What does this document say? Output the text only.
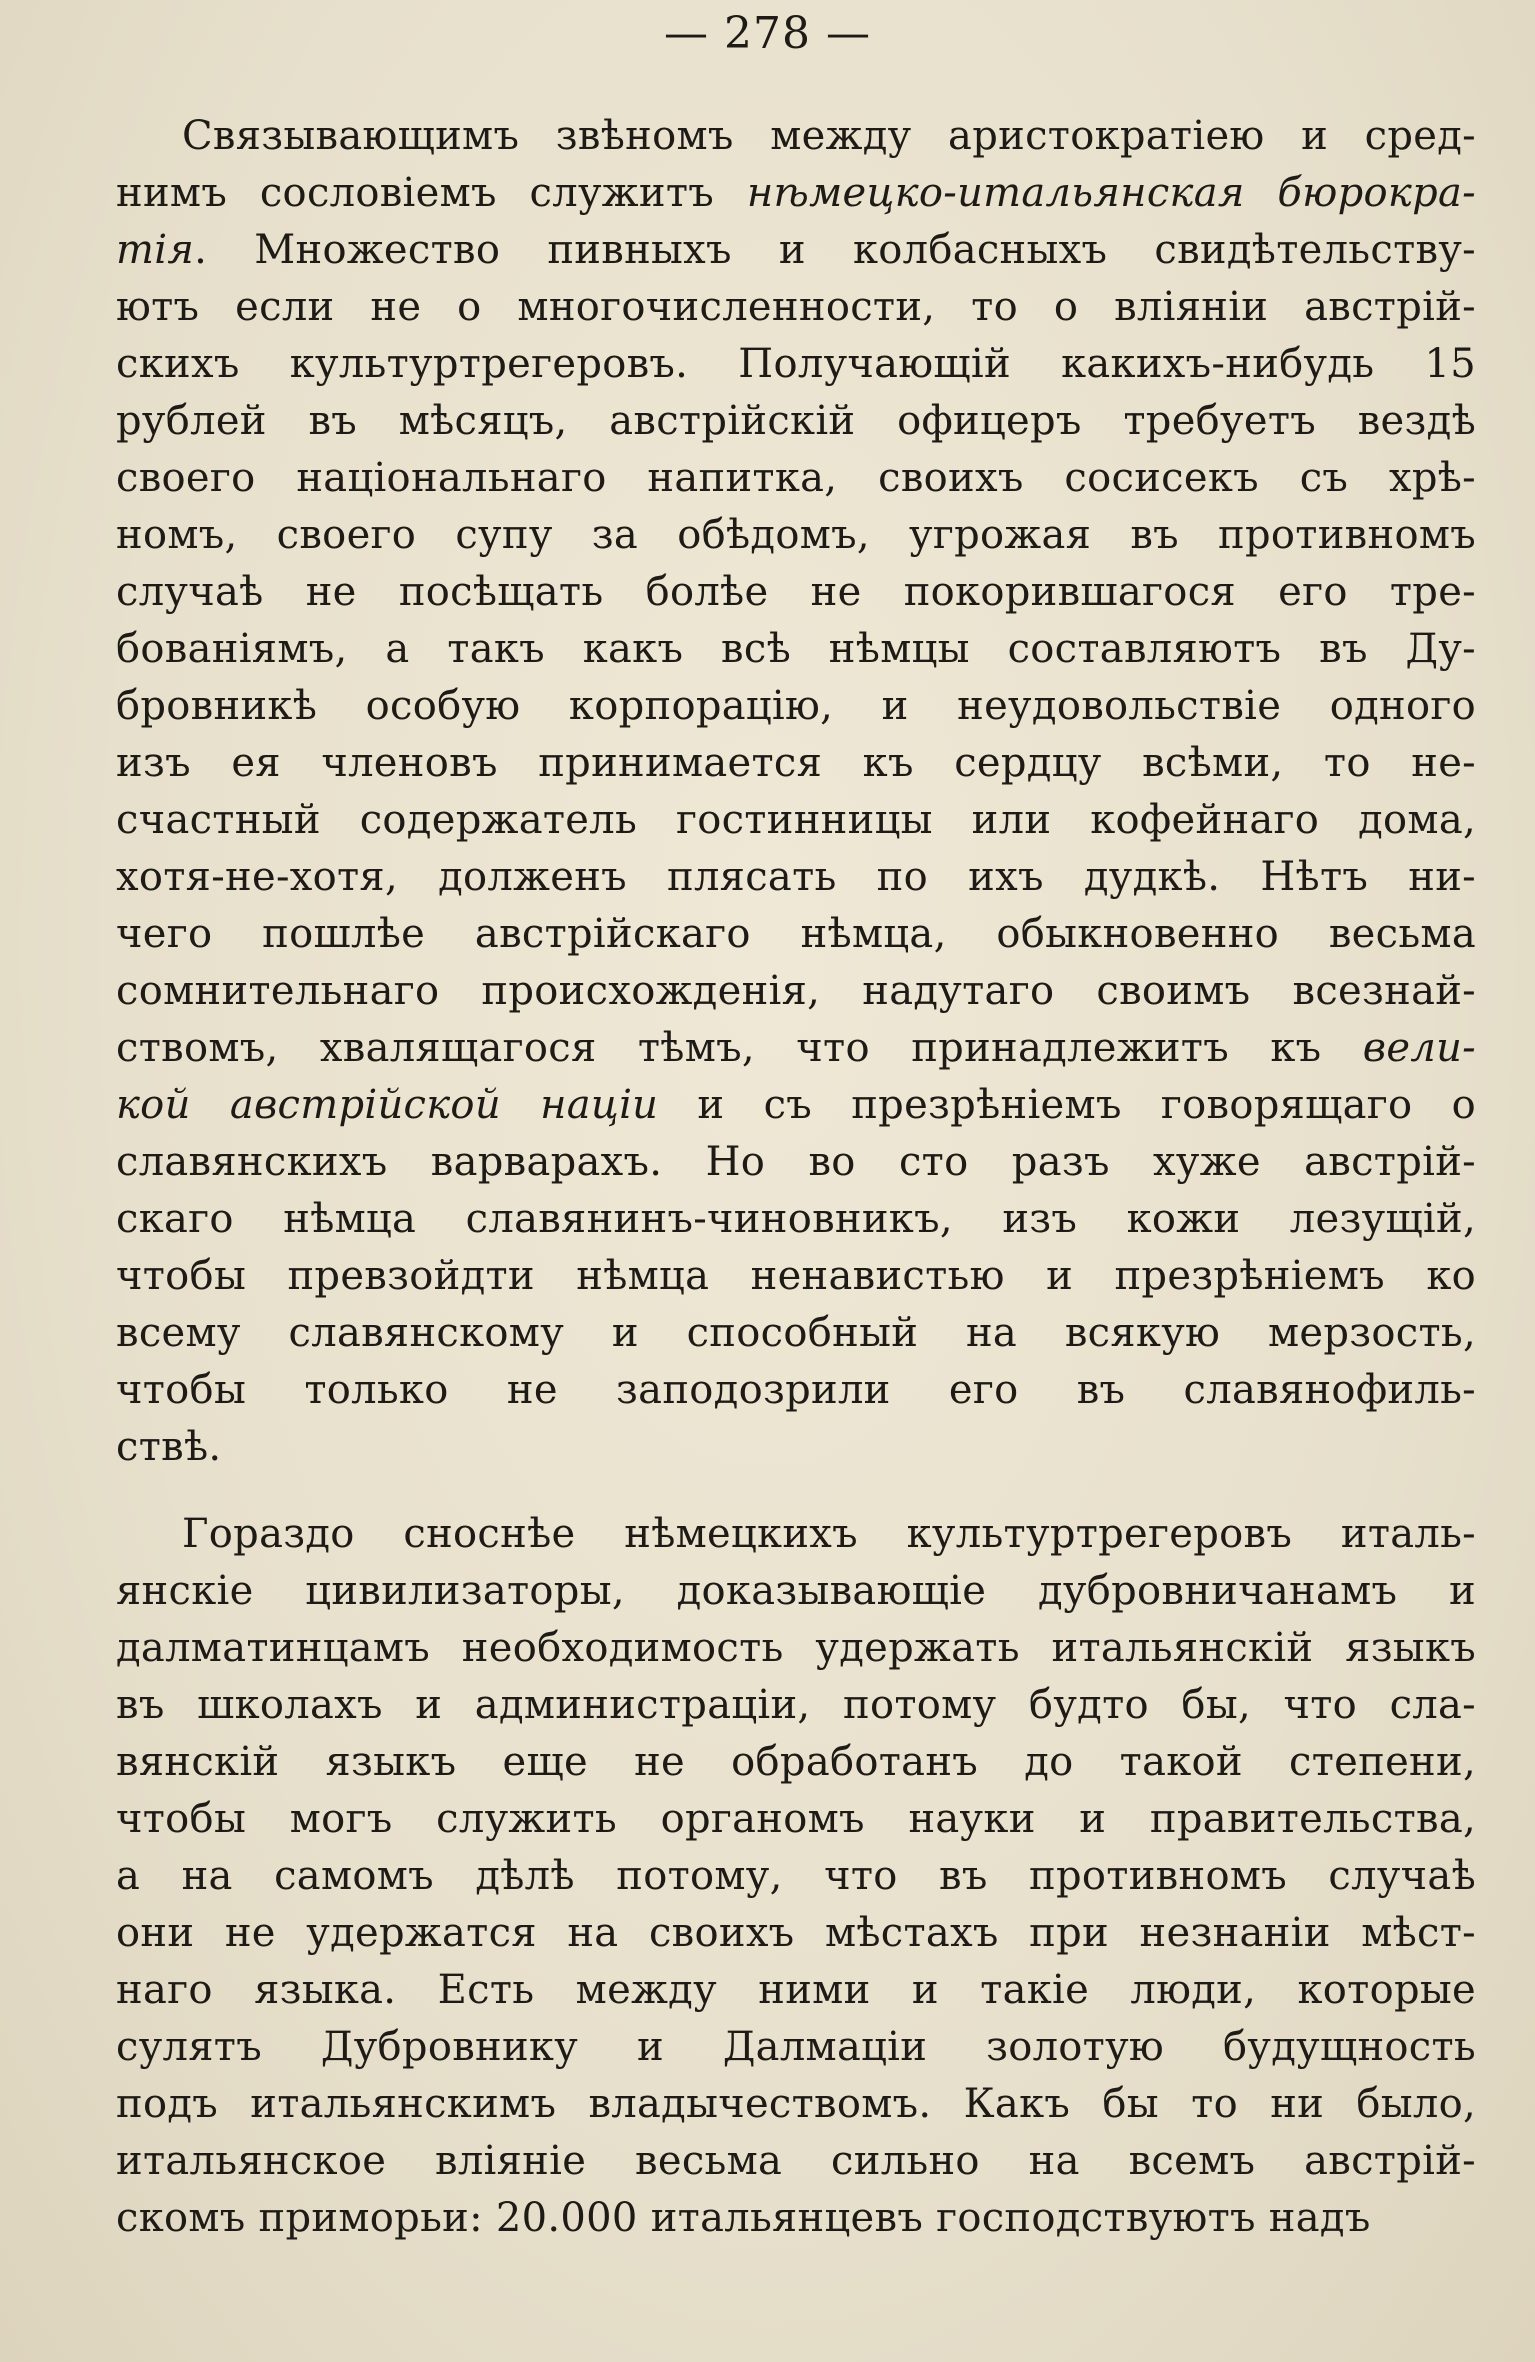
— 278 —
Связывающимъ звѣномъ между аристократіею и сред-
нимъ сословіемъ служитъ нѣмецко-итальянская бюрокра-
тія. Множество пивныхъ и колбасныхъ свидѣтельству-
ютъ если не о многочисленности, то о вліяніи австрій-
скихъ культуртрегеровъ. Получающій какихъ-нибудь 15
рублей въ мѣсяцъ, австрійскій офицеръ требуетъ вездѣ
своего національнаго напитка, своихъ сосисекъ съ хрѣ-
номъ, своего супу за обѣдомъ, угрожая въ противномъ
случаѣ не посѣщать болѣе не покорившагося его тре-
бованіямъ, а такъ какъ всѣ нѣмцы составляютъ въ Ду-
бровникѣ особую корпорацію, и неудовольствіе одного
изъ ея членовъ принимается къ сердцу всѣми, то не-
счастный содержатель гостинницы или кофейнаго дома,
хотя-не-хотя, долженъ плясать по ихъ дудкѣ. Нѣтъ ни-
чего пошлѣе австрійскаго нѣмца, обыкновенно весьма
сомнительнаго происхожденія, надутаго своимъ всезнай-
ствомъ, хвалящагося тѣмъ, что принадлежитъ къ вели-
кой австрійской націи и съ презрѣніемъ говорящаго о
славянскихъ варварахъ. Но во сто разъ хуже австрій-
скаго нѣмца славянинъ-чиновникъ, изъ кожи лезущій,
чтобы превзойдти нѣмца ненавистью и презрѣніемъ ко
всему славянскому и способный на всякую мерзость,
чтобы только не заподозрили его въ славянофиль-
ствѣ.
Гораздо сноснѣе нѣмецкихъ культуртрегеровъ италь-
янскіе цивилизаторы, доказывающіе дубровничанамъ и
далматинцамъ необходимость удержать итальянскій языкъ
въ школахъ и администраціи, потому будто бы, что сла-
вянскій языкъ еще не обработанъ до такой степени,
чтобы могъ служить органомъ науки и правительства,
а на самомъ дѣлѣ потому, что въ противномъ случаѣ
они не удержатся на своихъ мѣстахъ при незнаніи мѣст-
наго языка. Есть между ними и такіе люди, которые
сулятъ Дубровнику и Далмаціи золотую будущность
подъ итальянскимъ владычествомъ. Какъ бы то ни было,
итальянское вліяніе весьма сильно на всемъ австрій-
скомъ приморьи: 20.000 итальянцевъ господствуютъ надъ
